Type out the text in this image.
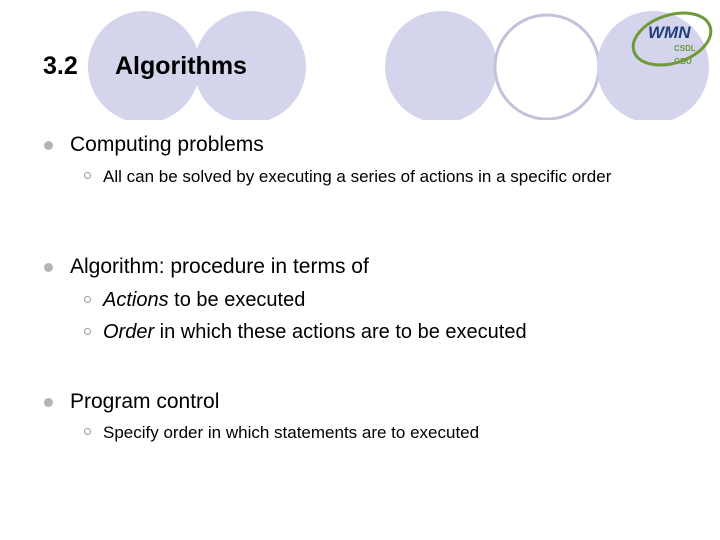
3.2 Algorithms
WMN
CSDL
GBU
Computing problems
All can be solved by executing a series of actions in a specific order
Algorithm: procedure in terms of
Actions to be executed
Order in which these actions are to be executed
Program control
Specify order in which statements are to executed
